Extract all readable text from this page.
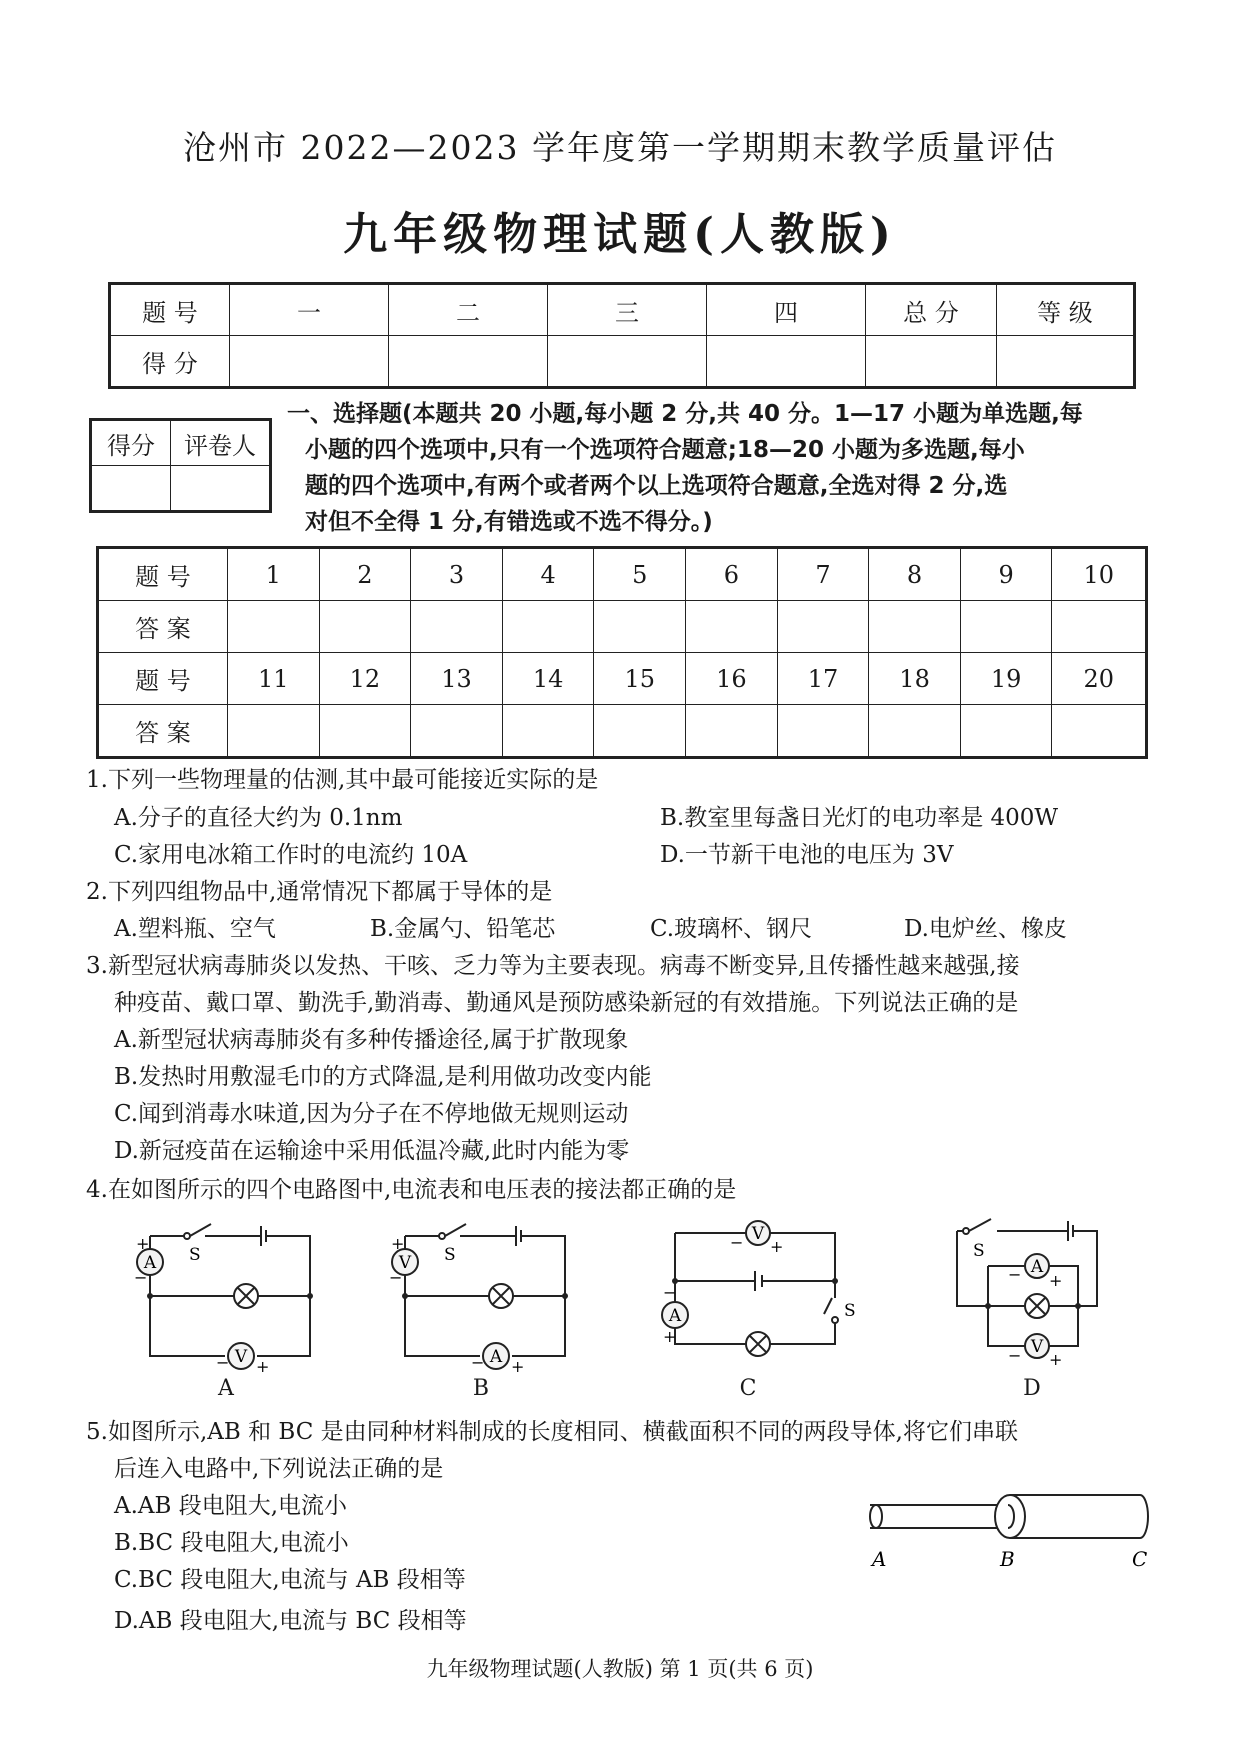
沧州市 2022—2023 学年度第一学期期末教学质量评估
九年级物理试题(人教版)
题 号	一	二	三	四	总 分	等 级
得 分						
得分	评卷人

一、选择题(本题共 20 小题,每小题 2 分,共 40 分。1—17 小题为单选题,每
小题的四个选项中,只有一个选项符合题意;18—20 小题为多选题,每小
题的四个选项中,有两个或者两个以上选项符合题意,全选对得 2 分,选
对但不全得 1 分,有错选或不选不得分。)
题 号	1	2	3	4	5	6	7	8	9	10
答 案										
题 号	11	12	13	14	15	16	17	18	19	20
答 案										
1.下列一些物理量的估测,其中最可能接近实际的是
A.分子的直径大约为 0.1nm	B.教室里每盏日光灯的电功率是 400W
C.家用电冰箱工作时的电流约 10A	D.一节新干电池的电压为 3V
2.下列四组物品中,通常情况下都属于导体的是
A.塑料瓶、空气	B.金属勺、铅笔芯	C.玻璃杯、钢尺	D.电炉丝、橡皮
3.新型冠状病毒肺炎以发热、干咳、乏力等为主要表现。病毒不断变异,且传播性越来越强,接
种疫苗、戴口罩、勤洗手,勤消毒、勤通风是预防感染新冠的有效措施。下列说法正确的是
A.新型冠状病毒肺炎有多种传播途径,属于扩散现象
B.发热时用敷湿毛巾的方式降温,是利用做功改变内能
C.闻到消毒水味道,因为分子在不停地做无规则运动
D.新冠疫苗在运输途中采用低温冷藏,此时内能为零
4.在如图所示的四个电路图中,电流表和电压表的接法都正确的是
A
V
S
+
−
− +
A
V
A
S
+
−
− +
B
V
A	S
− +
−
+
C
A
V
S
− +
− +
D
5.如图所示,AB 和 BC 是由同种材料制成的长度相同、横截面积不同的两段导体,将它们串联
后连入电路中,下列说法正确的是
A.AB 段电阻大,电流小
B.BC 段电阻大,电流小
C.BC 段电阻大,电流与 AB 段相等
D.AB 段电阻大,电流与 BC 段相等
A	B	C
九年级物理试题(人教版) 第 1 页(共 6 页)
